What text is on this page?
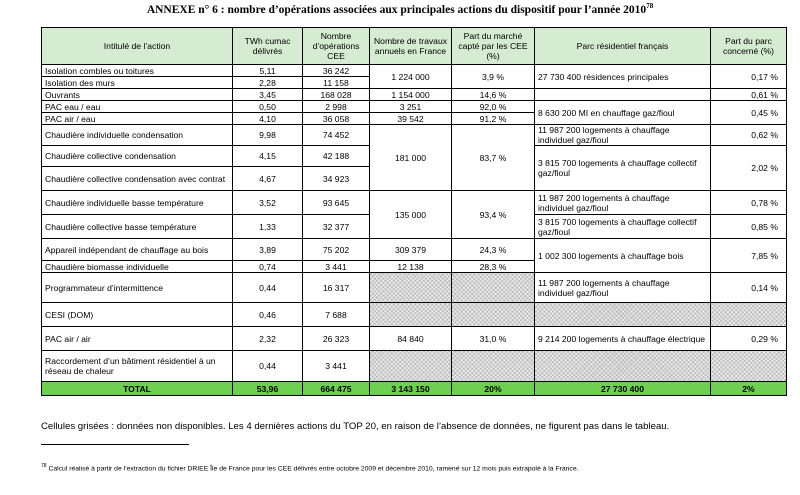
ANNEXE n° 6 : nombre d’opérations associées aux principales actions du dispositif pour l’année 2010$^{78}$
Intitulé de l’action	TWh cumac délivrés	Nombre d’opérations CEE	Nombre de travaux annuels en France	Part du marché capté par les CEE (%)	Parc résidentiel français	Part du parc concerné (%)
Isolation combles ou toitures	5,11	36 242	1 224 000	3,9 %	27 730 400 résidences principales	0,17 %
Isolation des murs	2,28	11 158				
Ouvrants	3,45	168 028	1 154 000	14,6 %		0,61 %
PAC eau / eau	0,50	2 998	3 251	92,0 %	8 630 200 MI en chauffage gaz/fioul	0,45 %
PAC air / eau	4,10	36 058	39 542	91,2 %		
Chaudière individuelle condensation	9,98	74 452	181 000	83,7 %	11 987 200 logements à chauffage individuel gaz/fioul	0,62 %
Chaudière collective condensation	4,15	42 188			3 815 700 logements à chauffage collectif gaz/fioul	2,02 %
Chaudière collective condensation avec contrat	4,67	34 923				
Chaudière individuelle basse température	3,52	93 645	135 000	93,4 %	11 987 200 logements à chauffage individuel gaz/fioul	0,78 %
Chaudière collective basse température	1,33	32 377			3 815 700 logements à chauffage collectif gaz/fioul	0,85 %
Appareil indépendant de chauffage au bois	3,89	75 202	309 379	24,3 %	1 002 300 logements à chauffage bois	7,85 %
Chaudière biomasse individuelle	0,74	3 441	12 138	28,3 %		
Programmateur d’intermittence	0,44	16 317			11 987 200 logements à chauffage individuel gaz/fioul	0,14 %
CESI (DOM)	0,46	7 688				
PAC air / air	2,32	26 323	84 840	31,0 %	9 214 200 logements à chauffage électrique	0,29 %
Raccordement d’un bâtiment résidentiel à un réseau de chaleur	0,44	3 441				
TOTAL	53,96	664 475	3 143 150	20%	27 730 400	2%
Cellules grisées : données non disponibles. Les 4 dernières actions du TOP 20, en raison de l’absence de données, ne figurent pas dans le tableau.
$^{78}$ Calcul réalisé à partir de l’extraction du fichier DRIEE Île de France pour les CEE délivrés entre octobre 2009 et décembre 2010, ramené sur 12 mois puis extrapolé à la France.
